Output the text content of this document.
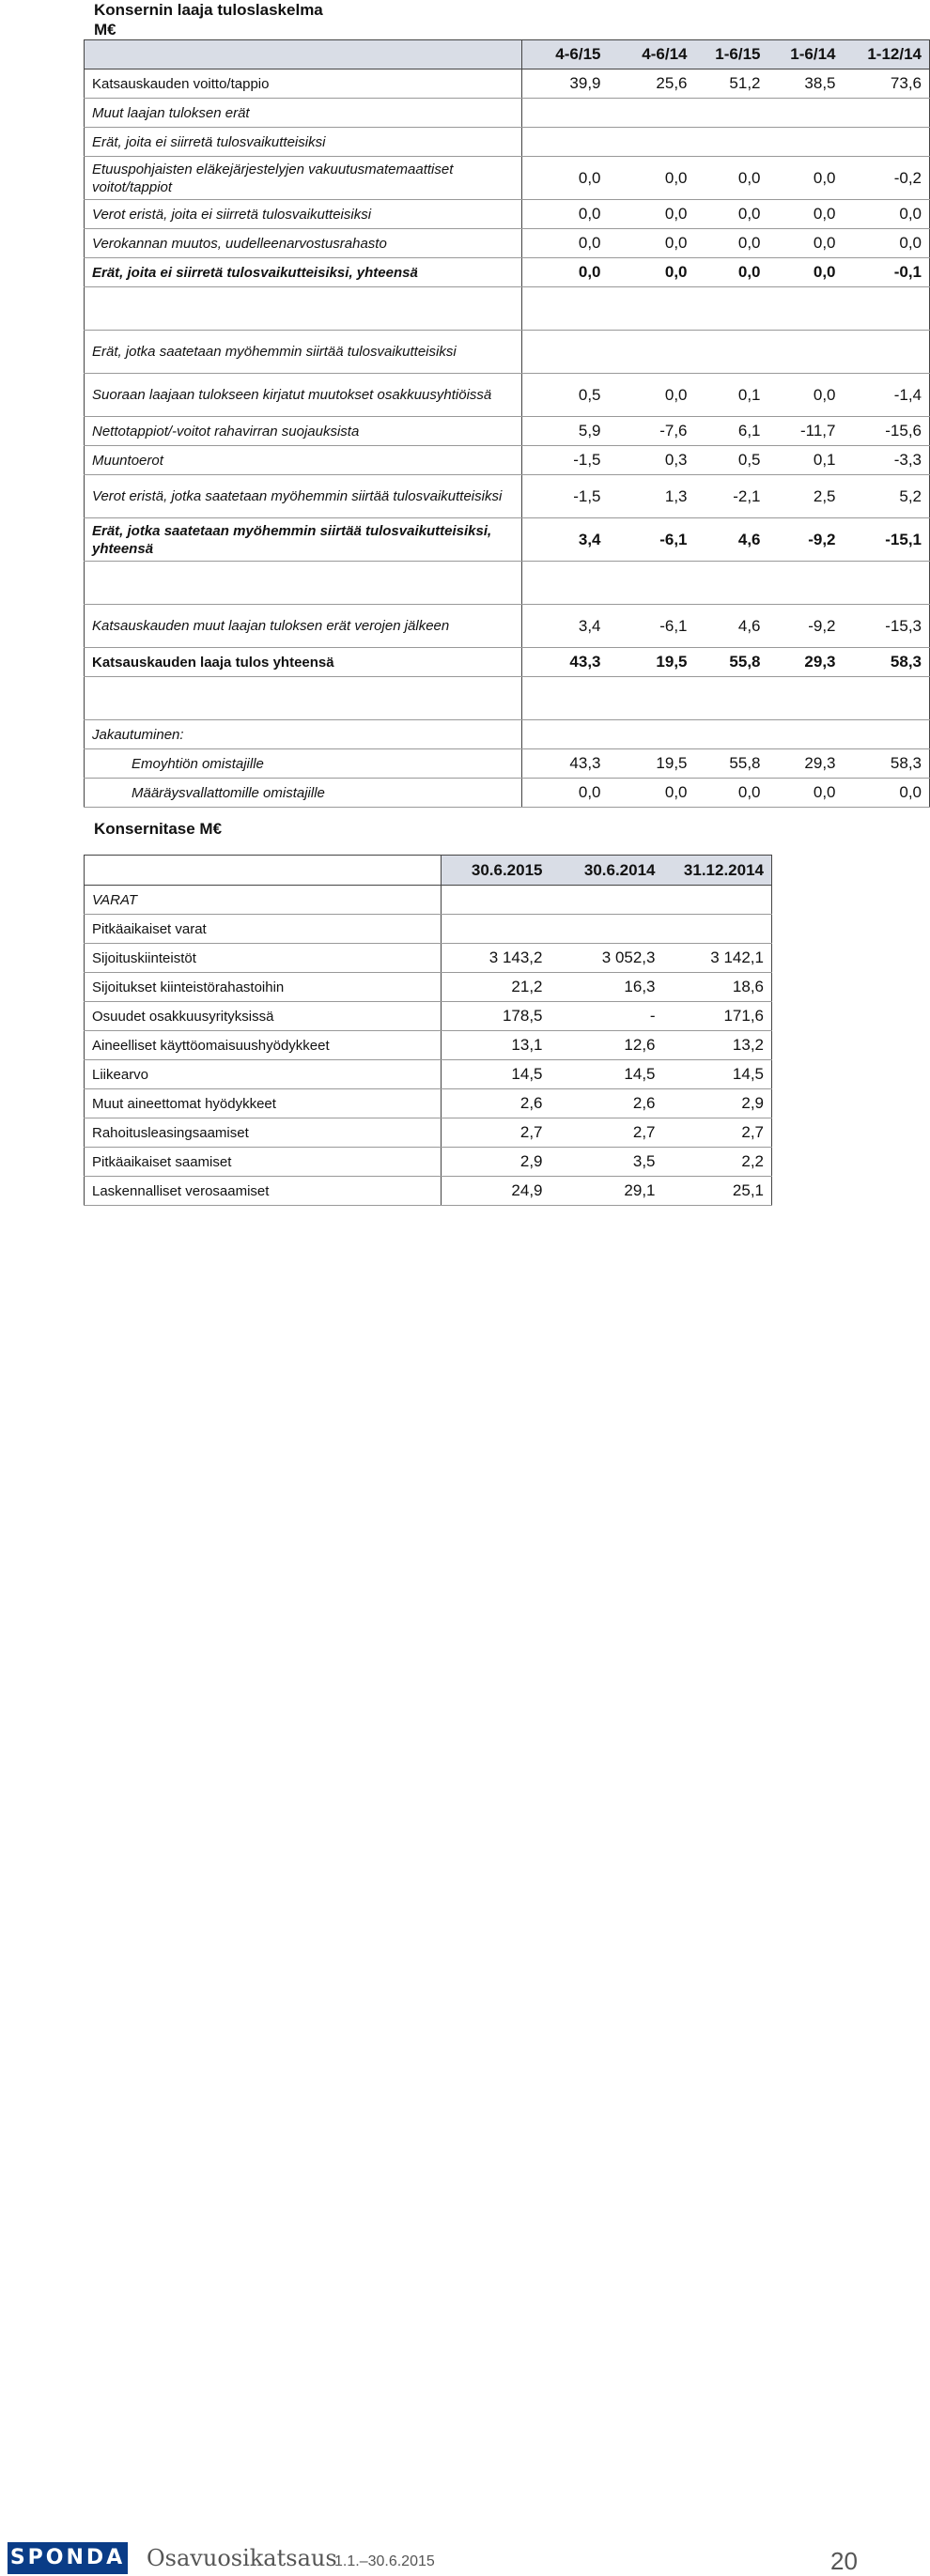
Konsernin laaja tuloslaskelma
M€
	4-6/15	4-6/14	1-6/15	1-6/14	1-12/14
Katsauskauden voitto/tappio	39,9	25,6	51,2	38,5	73,6
Muut laajan tuloksen erät					
Erät, joita ei siirretä tulosvaikutteisiksi					
Etuuspohjaisten eläkejärjestelyjen vakuutusmatemaattiset voitot/tappiot	0,0	0,0	0,0	0,0	-0,2
Verot eristä, joita ei siirretä tulosvaikutteisiksi	0,0	0,0	0,0	0,0	0,0
Verokannan muutos, uudelleenarvostusrahasto	0,0	0,0	0,0	0,0	0,0
Erät, joita ei siirretä tulosvaikutteisiksi, yhteensä	0,0	0,0	0,0	0,0	-0,1

Erät, jotka saatetaan myöhemmin siirtää tulosvaikutteisiksi					
Suoraan laajaan tulokseen kirjatut muutokset osakkuusyhtiöissä	0,5	0,0	0,1	0,0	-1,4
Nettotappiot/-voitot rahavirran suojauksista	5,9	-7,6	6,1	-11,7	-15,6
Muuntoerot	-1,5	0,3	0,5	0,1	-3,3
Verot eristä, jotka saatetaan myöhemmin siirtää tulosvaikutteisiksi	-1,5	1,3	-2,1	2,5	5,2
Erät, jotka saatetaan myöhemmin siirtää tulosvaikutteisiksi, yhteensä	3,4	-6,1	4,6	-9,2	-15,1

Katsauskauden muut laajan tuloksen erät verojen jälkeen	3,4	-6,1	4,6	-9,2	-15,3
Katsauskauden laaja tulos yhteensä	43,3	19,5	55,8	29,3	58,3

Jakautuminen:					
Emoyhtiön omistajille	43,3	19,5	55,8	29,3	58,3
Määräysvallattomille omistajille	0,0	0,0	0,0	0,0	0,0
Konsernitase M€
	30.6.2015	30.6.2014	31.12.2014
VARAT			
Pitkäaikaiset varat			
Sijoituskiinteistöt	3 143,2	3 052,3	3 142,1
Sijoitukset kiinteistörahastoihin	21,2	16,3	18,6
Osuudet osakkuusyrityksissä	178,5	-	171,6
Aineelliset käyttöomaisuushyödykkeet	13,1	12,6	13,2
Liikearvo	14,5	14,5	14,5
Muut aineettomat hyödykkeet	2,6	2,6	2,9
Rahoitusleasingsaamiset	2,7	2,7	2,7
Pitkäaikaiset saamiset	2,9	3,5	2,2
Laskennalliset verosaamiset	24,9	29,1	25,1
SPONDA Osavuosikatsaus
1.1.–30.6.2015	20
